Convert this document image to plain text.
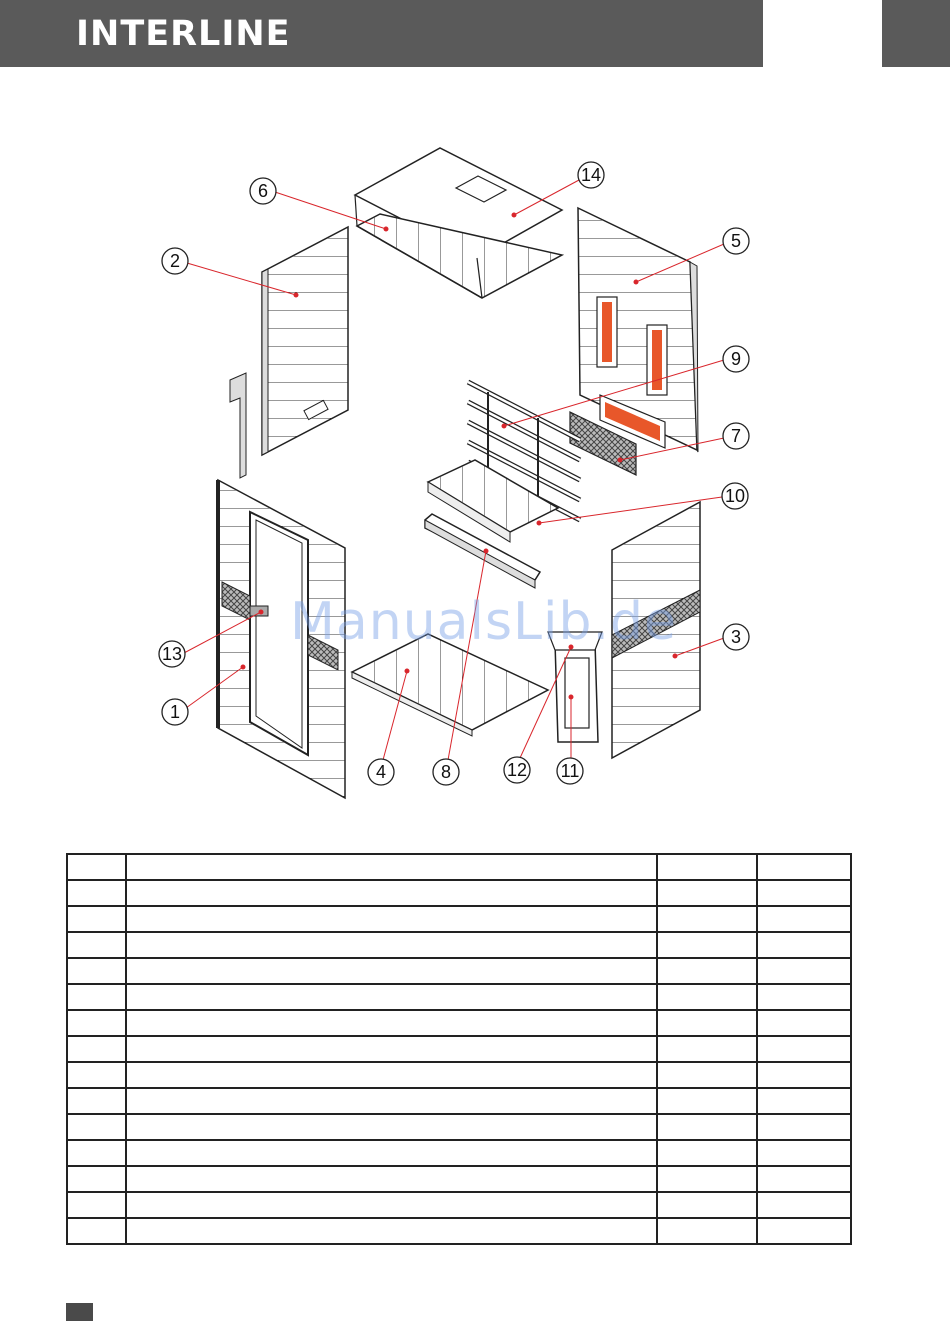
INTERLINE
6
14
2
5
9
7
10
3
13
1
4	8	12 11
ManualsLib.de
